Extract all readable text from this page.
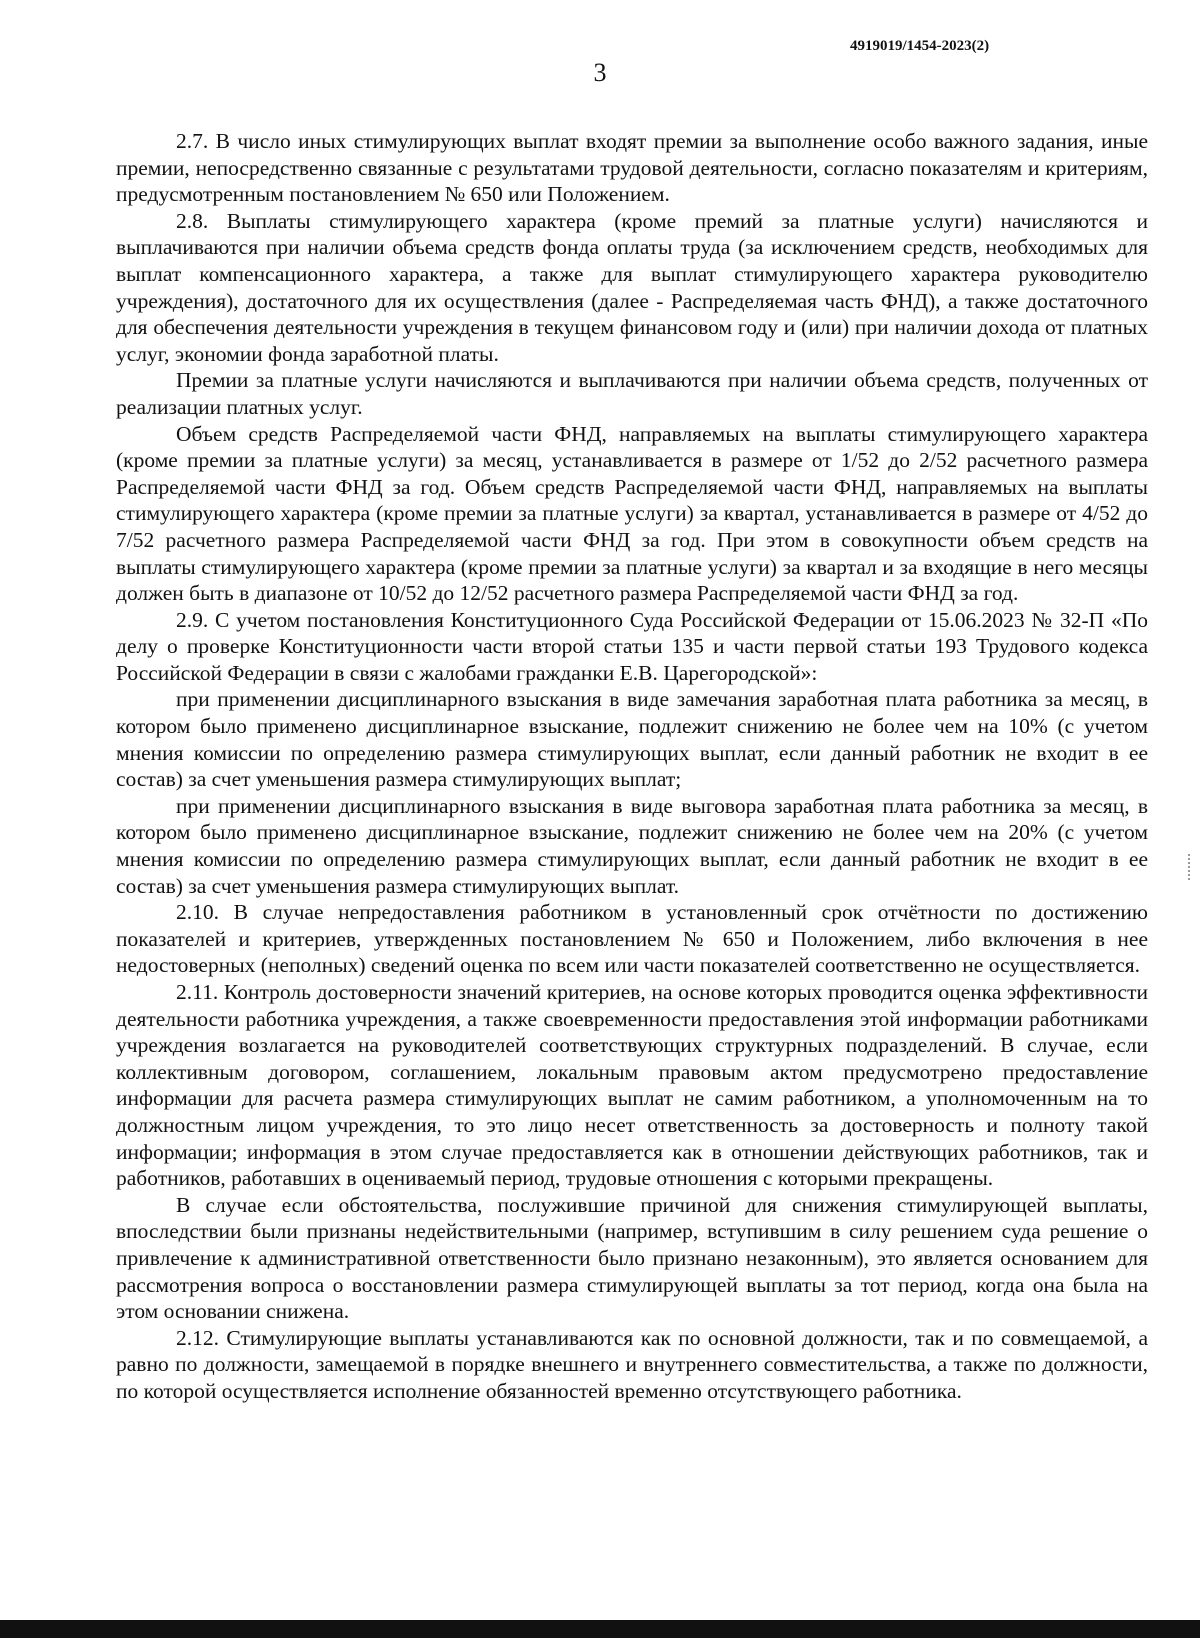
4919019/1454-2023(2)
3

2.7. В число иных стимулирующих выплат входят премии за выполнение особо важного задания, иные премии, непосредственно связанные с результатами трудовой деятельности, согласно показателям и критериям, предусмотренным постановлением № 650 или Положением.

2.8. Выплаты стимулирующего характера (кроме премий за платные услуги) начисляются и выплачиваются при наличии объема средств фонда оплаты труда (за исключением средств, необходимых для выплат компенсационного характера, а также для выплат стимулирующего характера руководителю учреждения), достаточного для их осуществления (далее - Распределяемая часть ФНД), а также достаточного для обеспечения деятельности учреждения в текущем финансовом году и (или) при наличии дохода от платных услуг, экономии фонда заработной платы.

Премии за платные услуги начисляются и выплачиваются при наличии объема средств, полученных от реализации платных услуг.

Объем средств Распределяемой части ФНД, направляемых на выплаты стимулирующего характера (кроме премии за платные услуги) за месяц, устанавливается в размере от 1/52 до 2/52 расчетного размера Распределяемой части ФНД за год. Объем средств Распределяемой части ФНД, направляемых на выплаты стимулирующего характера (кроме премии за платные услуги) за квартал, устанавливается в размере от 4/52 до 7/52 расчетного размера Распределяемой части ФНД за год. При этом в совокупности объем средств на выплаты стимулирующего характера (кроме премии за платные услуги) за квартал и за входящие в него месяцы должен быть в диапазоне от 10/52 до 12/52 расчетного размера Распределяемой части ФНД за год.

2.9. С учетом постановления Конституционного Суда Российской Федерации от 15.06.2023 № 32-П «По делу о проверке Конституционности части второй статьи 135 и части первой статьи 193 Трудового кодекса Российской Федерации в связи с жалобами гражданки Е.В. Царегородской»:

при применении дисциплинарного взыскания в виде замечания заработная плата работника за месяц, в котором было применено дисциплинарное взыскание, подлежит снижению не более чем на 10% (с учетом мнения комиссии по определению размера стимулирующих выплат, если данный работник не входит в ее состав) за счет уменьшения размера стимулирующих выплат;

при применении дисциплинарного взыскания в виде выговора заработная плата работника за месяц, в котором было применено дисциплинарное взыскание, подлежит снижению не более чем на 20% (с учетом мнения комиссии по определению размера стимулирующих выплат, если данный работник не входит в ее состав) за счет уменьшения размера стимулирующих выплат.

2.10. В случае непредоставления работником в установленный срок отчётности по достижению показателей и критериев, утвержденных постановлением № 650 и Положением, либо включения в нее недостоверных (неполных) сведений оценка по всем или части показателей соответственно не осуществляется.

2.11. Контроль достоверности значений критериев, на основе которых проводится оценка эффективности деятельности работника учреждения, а также своевременности предоставления этой информации работниками учреждения возлагается на руководителей соответствующих структурных подразделений. В случае, если коллективным договором, соглашением, локальным правовым актом предусмотрено предоставление информации для расчета размера стимулирующих выплат не самим работником, а уполномоченным на то должностным лицом учреждения, то это лицо несет ответственность за достоверность и полноту такой информации; информация в этом случае предоставляется как в отношении действующих работников, так и работников, работавших в оцениваемый период, трудовые отношения с которыми прекращены.

В случае если обстоятельства, послужившие причиной для снижения стимулирующей выплаты, впоследствии были признаны недействительными (например, вступившим в силу решением суда решение о привлечение к административной ответственности было признано незаконным), это является основанием для рассмотрения вопроса о восстановлении размера стимулирующей выплаты за тот период, когда она была на этом основании снижена.

2.12. Стимулирующие выплаты устанавливаются как по основной должности, так и по совмещаемой, а равно по должности, замещаемой в порядке внешнего и внутреннего совместительства, а также по должности, по которой осуществляется исполнение обязанностей временно отсутствующего работника.
